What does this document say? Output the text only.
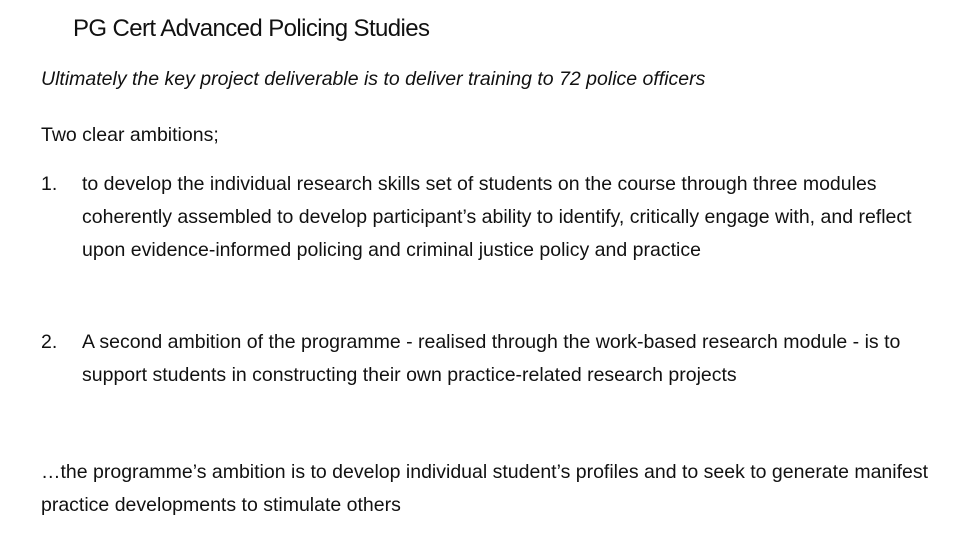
PG Cert Advanced Policing Studies
Ultimately the key project deliverable is to deliver training to 72 police officers
Two clear ambitions;
1.	to develop the individual research skills set of students on the course through three modules coherently assembled to develop participant’s ability to identify, critically engage with, and reflect upon evidence-informed policing and criminal justice policy and practice
2.	A second ambition of the programme - realised through the work-based research module - is to support students in constructing their own practice-related research projects
…the programme’s ambition is to develop individual student’s profiles and to seek to generate manifest practice developments to stimulate others
